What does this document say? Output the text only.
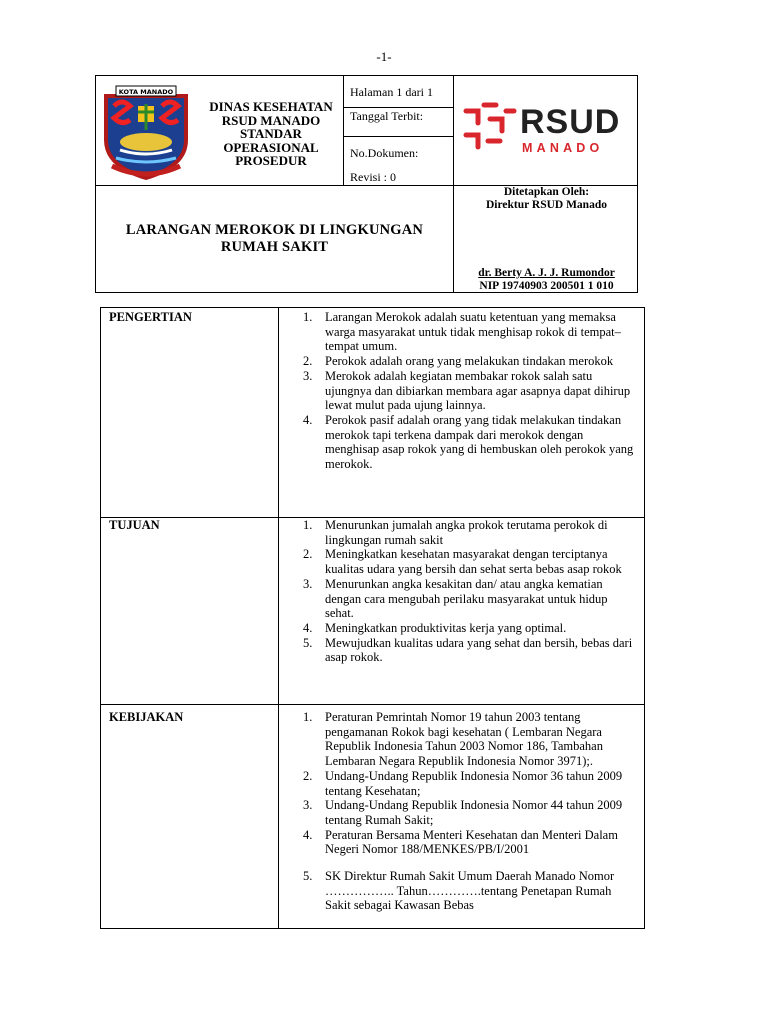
-1-
KOTA MANADO
DINAS KESEHATAN
RSUD MANADO
STANDAR
OPERASIONAL
PROSEDUR
Halaman 1 dari 1
Tanggal Terbit:
No.Dokumen:
Revisi : 0
RSUD
MANADO
LARANGAN MEROKOK DI LINGKUNGAN
RUMAH SAKIT
Ditetapkan Oleh:
Direktur RSUD Manado
dr. Berty A. J. J. Rumondor
NIP 19740903 200501 1 010
PENGERTIAN	1. Larangan Merokok adalah suatu ketentuan yang memaksa warga masyarakat untuk tidak menghisap rokok di tempat–tempat umum.
2. Perokok adalah orang yang melakukan tindakan merokok
3. Merokok adalah kegiatan membakar rokok salah satu ujungnya dan dibiarkan membara agar asapnya dapat dihirup lewat mulut pada ujung lainnya.
4. Perokok pasif adalah orang yang tidak melakukan tindakan merokok tapi terkena dampak dari merokok dengan menghisap asap rokok yang di hembuskan oleh perokok yang merokok.
TUJUAN	1. Menurunkan jumalah angka prokok terutama perokok di lingkungan rumah sakit
2. Meningkatkan kesehatan masyarakat dengan terciptanya kualitas udara yang bersih dan sehat serta bebas asap rokok
3. Menurunkan angka kesakitan dan/ atau angka kematian dengan cara mengubah perilaku masyarakat untuk hidup sehat.
4. Meningkatkan produktivitas kerja yang optimal.
5. Mewujudkan kualitas udara yang sehat dan bersih, bebas dari asap rokok.
KEBIJAKAN	1. Peraturan Pemrintah Nomor 19 tahun 2003 tentang pengamanan Rokok bagi kesehatan ( Lembaran Negara Republik Indonesia Tahun 2003 Nomor 186, Tambahan Lembaran Negara Republik Indonesia Nomor 3971);.
2. Undang-Undang Republik Indonesia Nomor 36 tahun 2009 tentang Kesehatan;
3. Undang-Undang Republik Indonesia Nomor 44 tahun 2009 tentang Rumah Sakit;
4. Peraturan Bersama Menteri Kesehatan dan Menteri Dalam Negeri Nomor 188/MENKES/PB/I/2001
5. SK Direktur Rumah Sakit Umum Daerah Manado Nomor …………….. Tahun………….tentang Penetapan Rumah Sakit sebagai Kawasan Bebas
